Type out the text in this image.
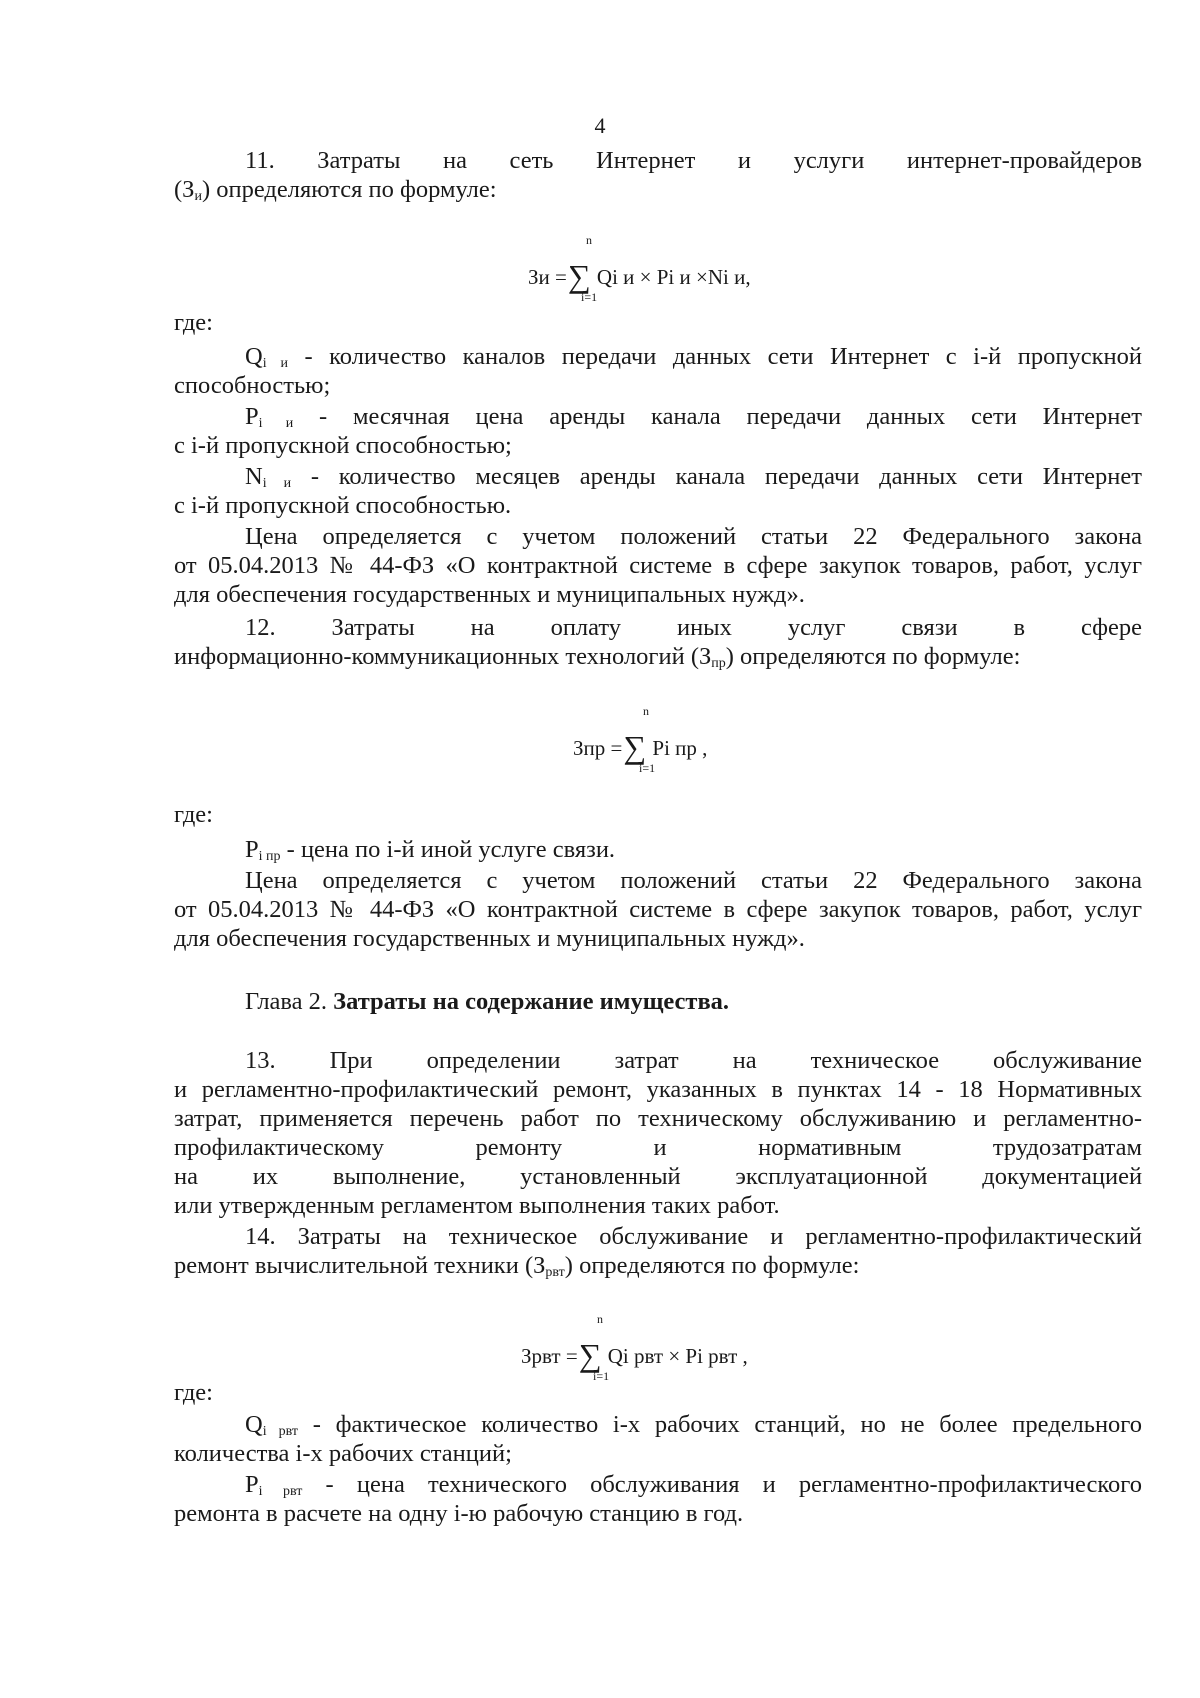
4
11. Затраты на сеть Интернет и услуги интернет-провайдеров
$(З_и)$ определяются по формуле:
n
Зи =∑ Qi и × Pi и ×Ni и,
i=1
где:
$Q_{i и}$ - количество каналов передачи данных сети Интернет с i-й пропускной
способностью;
$P_{i и}$ - месячная цена аренды канала передачи данных сети Интернет
с i-й пропускной способностью;
$N_{i и}$ - количество месяцев аренды канала передачи данных сети Интернет
с i-й пропускной способностью.
Цена определяется с учетом положений статьи 22 Федерального закона
от 05.04.2013 № 44-ФЗ «О контрактной системе в сфере закупок товаров, работ, услуг
для обеспечения государственных и муниципальных нужд».
12. Затраты на оплату иных услуг связи в сфере
информационно-коммуникационных технологий $(З_{пр})$ определяются по формуле:
n
Зпр =∑ Pi пр ,
i=1
где:
$P_{i пр}$ - цена по i-й иной услуге связи.
Цена определяется с учетом положений статьи 22 Федерального закона
от 05.04.2013 № 44-ФЗ «О контрактной системе в сфере закупок товаров, работ, услуг
для обеспечения государственных и муниципальных нужд».
Глава 2. Затраты на содержание имущества.
13. При определении затрат на техническое обслуживание
и регламентно-профилактический ремонт, указанных в пунктах 14 - 18 Нормативных
затрат, применяется перечень работ по техническому обслуживанию и регламентно-
профилактическому	ремонту	и	нормативным	трудозатратам
на их выполнение, установленный эксплуатационной документацией
или утвержденным регламентом выполнения таких работ.
14. Затраты на техническое обслуживание и регламентно-профилактический
ремонт вычислительной техники $(З_{рвт})$ определяются по формуле:
n
Зрвт =∑ Qi рвт × Pi рвт ,
i=1
где:
$Q_{i рвт}$ - фактическое количество i-х рабочих станций, но не более предельного
количества i-х рабочих станций;
$P_{i рвт}$ - цена технического обслуживания и регламентно-профилактического
ремонта в расчете на одну i-ю рабочую станцию в год.
